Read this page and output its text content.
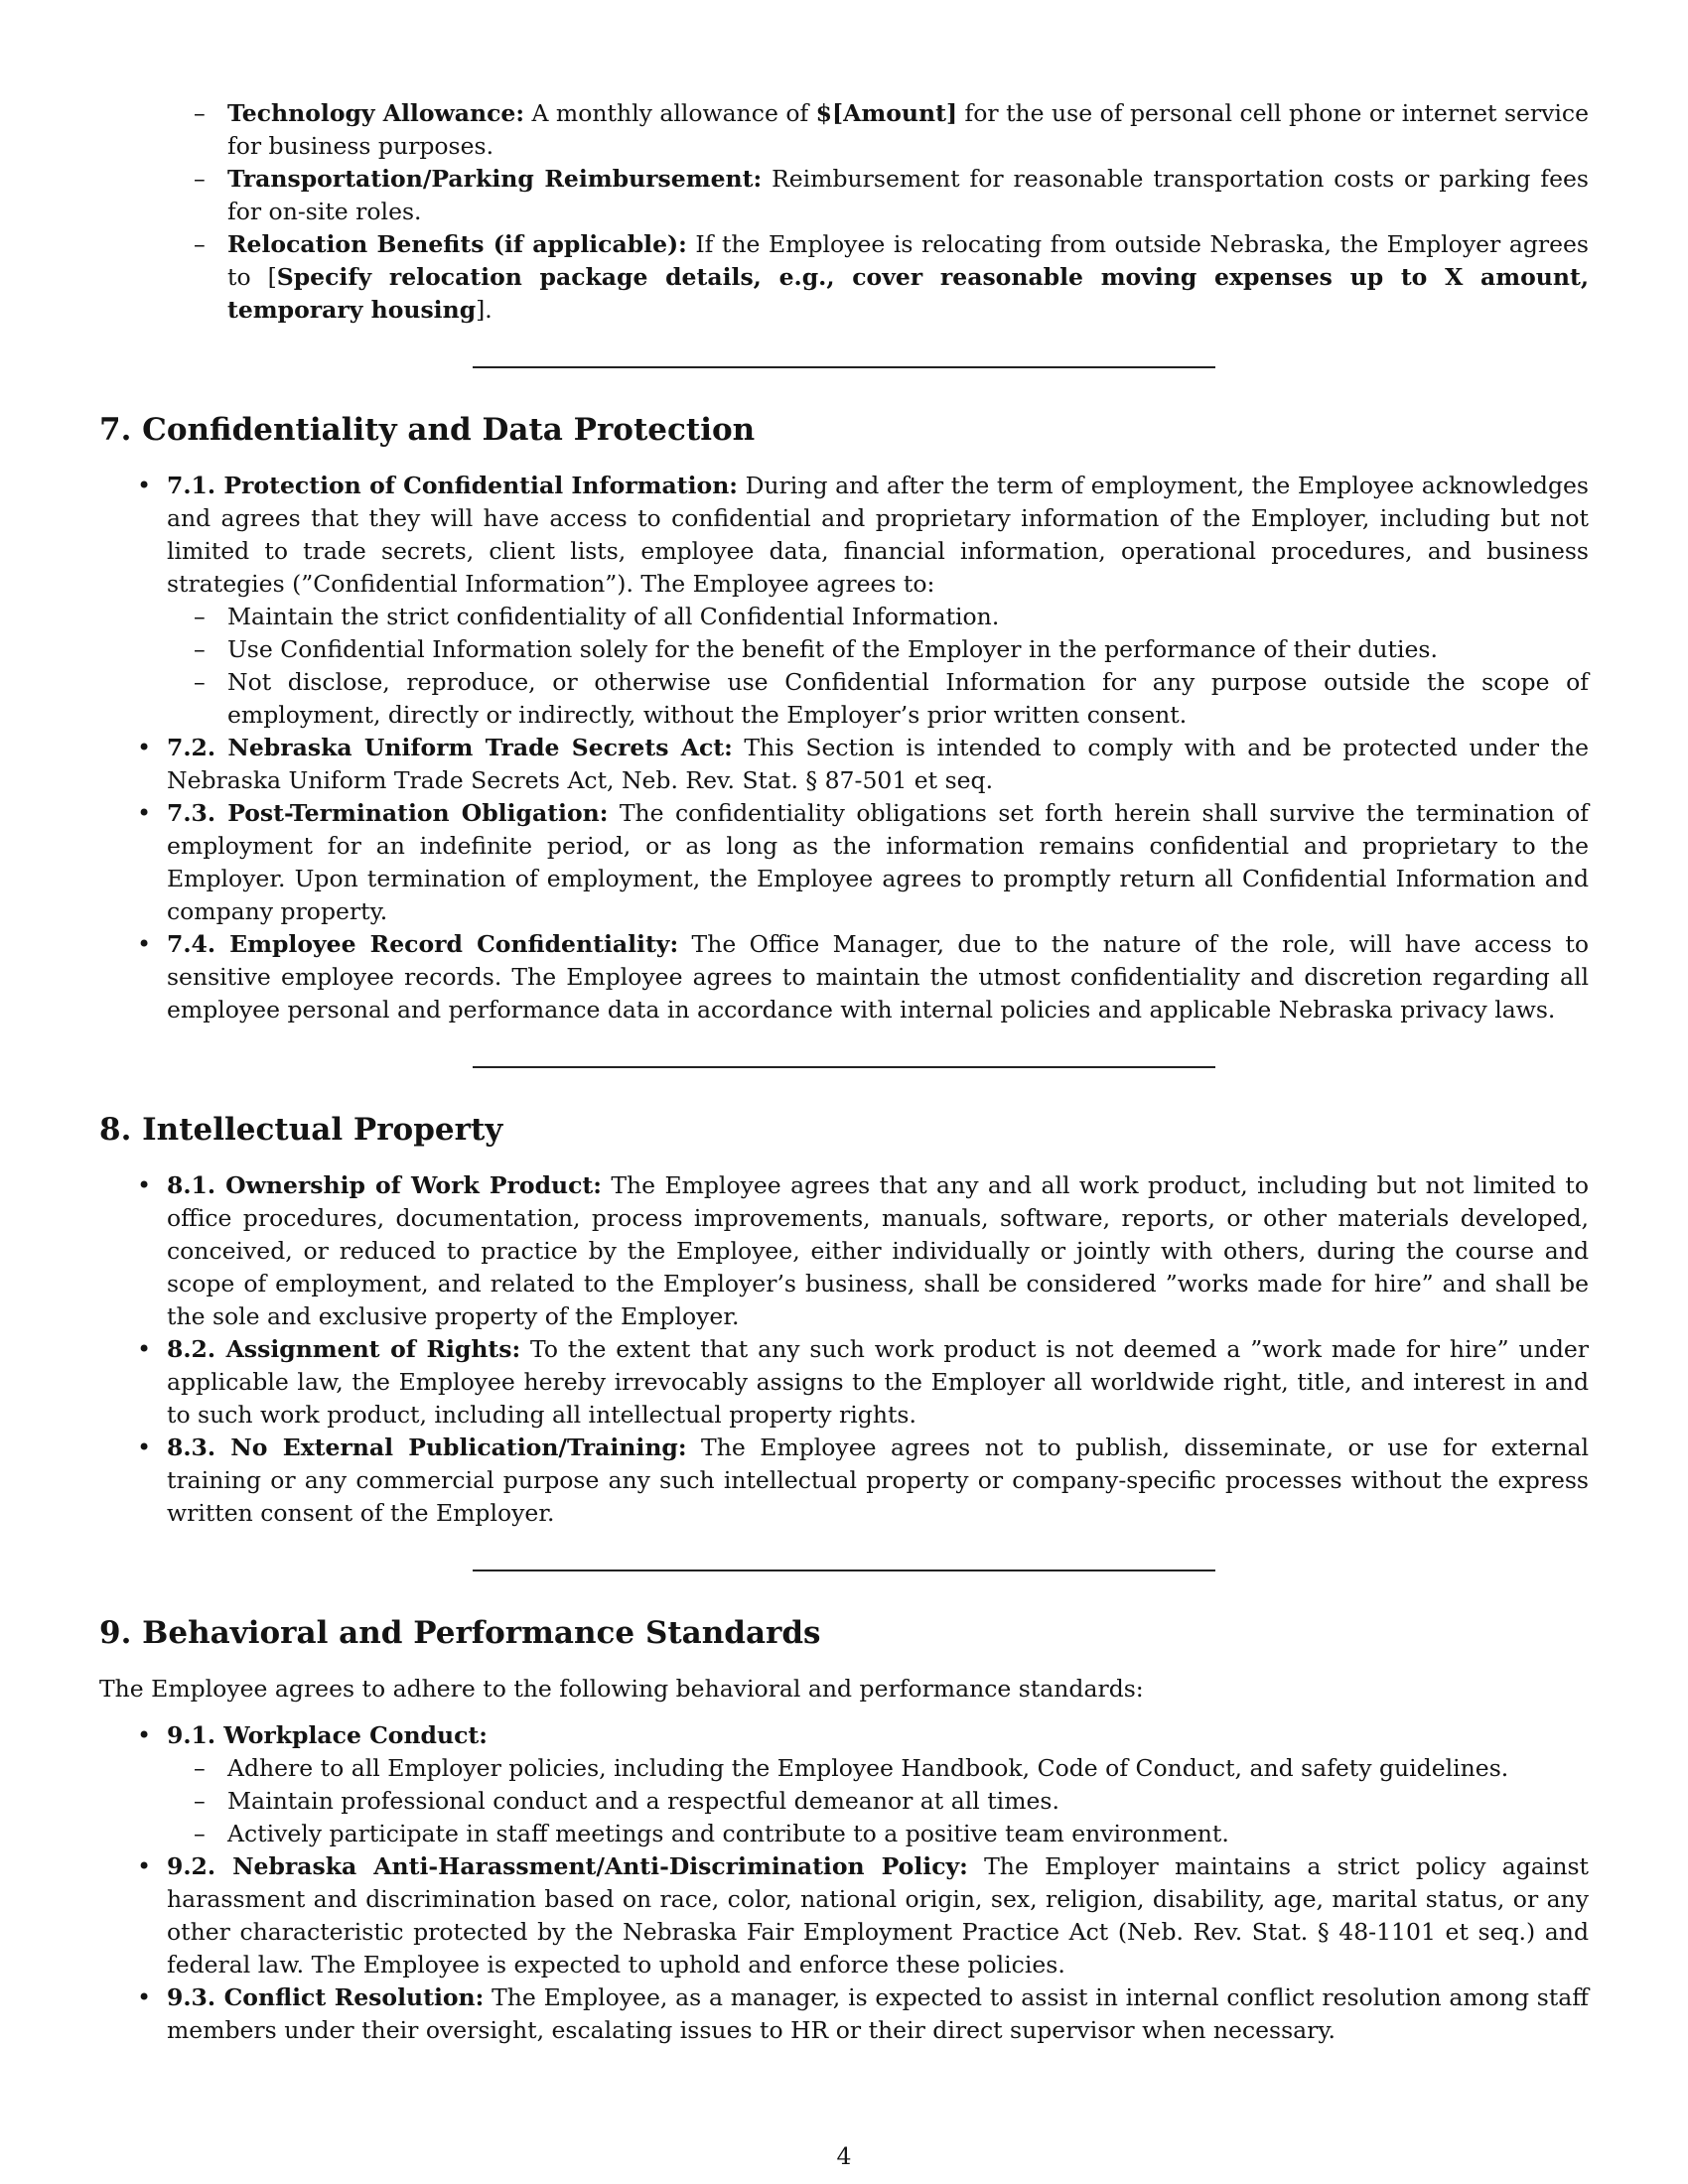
– Technology Allowance: A monthly allowance of $[Amount] for the use of personal cell phone or internet service for business purposes.
– Transportation/Parking Reimbursement: Reimbursement for reasonable transportation costs or parking fees for on-site roles.
– Relocation Benefits (if applicable): If the Employee is relocating from outside Nebraska, the Employer agrees to [Specify relocation package details, e.g., cover reasonable moving expenses up to X amount, temporary housing].
7. Confidentiality and Data Protection
• 7.1. Protection of Confidential Information: During and after the term of employment, the Employee acknowledges and agrees that they will have access to confidential and proprietary information of the Employer, including but not limited to trade secrets, client lists, employee data, financial information, operational procedures, and business strategies (”Confidential Information”). The Employee agrees to:
– Maintain the strict confidentiality of all Confidential Information.
– Use Confidential Information solely for the benefit of the Employer in the performance of their duties.
– Not disclose, reproduce, or otherwise use Confidential Information for any purpose outside the scope of employment, directly or indirectly, without the Employer’s prior written consent.
• 7.2. Nebraska Uniform Trade Secrets Act: This Section is intended to comply with and be protected under the Nebraska Uniform Trade Secrets Act, Neb. Rev. Stat. § 87-501 et seq.
• 7.3. Post-Termination Obligation: The confidentiality obligations set forth herein shall survive the termination of employment for an indefinite period, or as long as the information remains confidential and proprietary to the Employer. Upon termination of employment, the Employee agrees to promptly return all Confidential Information and company property.
• 7.4. Employee Record Confidentiality: The Office Manager, due to the nature of the role, will have access to sensitive employee records. The Employee agrees to maintain the utmost confidentiality and discretion regarding all employee personal and performance data in accordance with internal policies and applicable Nebraska privacy laws.
8. Intellectual Property
• 8.1. Ownership of Work Product: The Employee agrees that any and all work product, including but not limited to office procedures, documentation, process improvements, manuals, software, reports, or other materials developed, conceived, or reduced to practice by the Employee, either individually or jointly with others, during the course and scope of employment, and related to the Employer’s business, shall be considered ”works made for hire” and shall be the sole and exclusive property of the Employer.
• 8.2. Assignment of Rights: To the extent that any such work product is not deemed a ”work made for hire” under applicable law, the Employee hereby irrevocably assigns to the Employer all worldwide right, title, and interest in and to such work product, including all intellectual property rights.
• 8.3. No External Publication/Training: The Employee agrees not to publish, disseminate, or use for external training or any commercial purpose any such intellectual property or company-specific processes without the express written consent of the Employer.
9. Behavioral and Performance Standards

The Employee agrees to adhere to the following behavioral and performance standards:

• 9.1. Workplace Conduct:
– Adhere to all Employer policies, including the Employee Handbook, Code of Conduct, and safety guidelines.
– Maintain professional conduct and a respectful demeanor at all times.
– Actively participate in staff meetings and contribute to a positive team environment.
• 9.2. Nebraska Anti-Harassment/Anti-Discrimination Policy: The Employer maintains a strict policy against harassment and discrimination based on race, color, national origin, sex, religion, disability, age, marital status, or any other characteristic protected by the Nebraska Fair Employment Practice Act (Neb. Rev. Stat. § 48-1101 et seq.) and federal law. The Employee is expected to uphold and enforce these policies.
• 9.3. Conflict Resolution: The Employee, as a manager, is expected to assist in internal conflict resolution among staff members under their oversight, escalating issues to HR or their direct supervisor when necessary.
4
